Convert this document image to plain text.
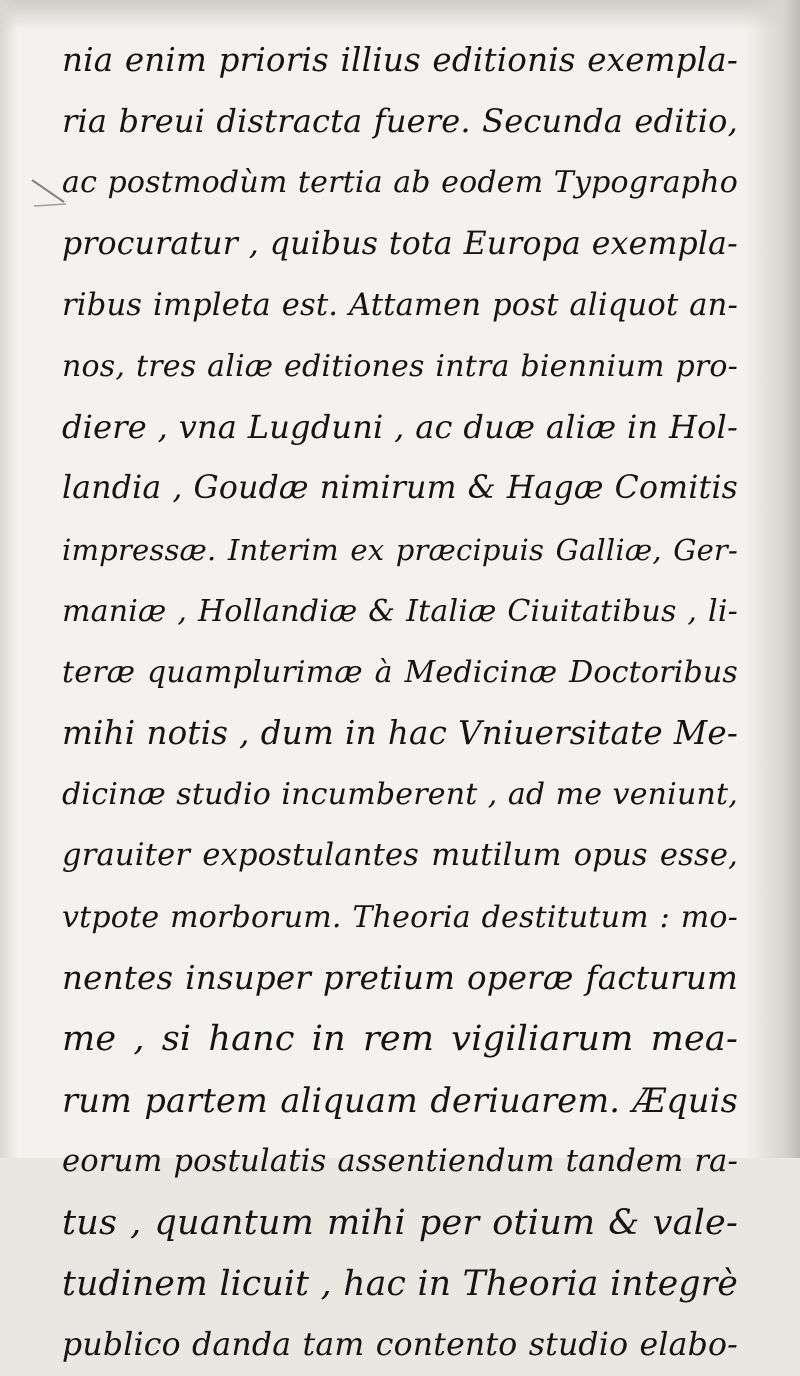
nia enim prioris illius editionis exempla-
ria breui distracta fuere. Secunda editio,
ac postmodùm tertia ab eodem Typographo
procuratur , quibus tota Europa exempla-
ribus impleta est. Attamen post aliquot an-
nos, tres aliæ editiones intra biennium pro-
diere , vna Lugduni , ac duæ aliæ in Hol-
landia , Goudæ nimirum & Hagæ Comitis
impressæ. Interim ex præcipuis Galliæ, Ger-
maniæ , Hollandiæ & Italiæ Ciuitatibus , li-
teræ quamplurimæ à Medicinæ Doctoribus
mihi notis , dum in hac Vniuersitate Me-
dicinæ studio incumberent , ad me veniunt,
grauiter expostulantes mutilum opus esse,
vtpote morborum. Theoria destitutum : mo-
nentes insuper pretium operæ facturum
me , si hanc in rem vigiliarum mea-
rum partem aliquam deriuarem. Æquis
eorum postulatis assentiendum tandem ra-
tus , quantum mihi per otium & vale-
tudinem licuit , hac in Theoria integrè
publico danda tam contento studio elabo-
